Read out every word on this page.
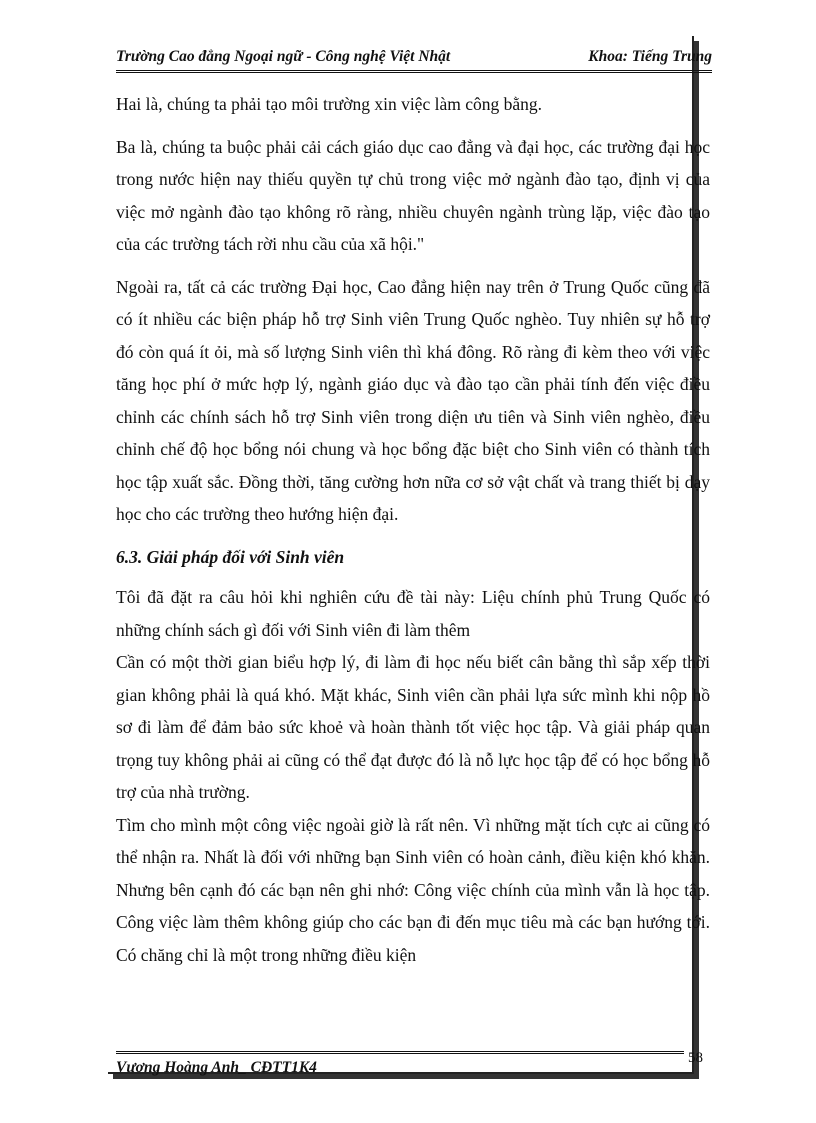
Trường Cao đẳng Ngoại ngữ - Công nghệ Việt Nhật	Khoa: Tiếng Trung

Hai là, chúng ta phải tạo môi trường xin việc làm công bằng.

Ba là, chúng ta buộc phải cải cách giáo dục cao đẳng và đại học, các trường đại học trong nước hiện nay thiếu quyền tự chủ trong việc mở ngành đào tạo, định vị của việc mở ngành đào tạo không rõ ràng, nhiều chuyên ngành trùng lặp, việc đào tạo của các trường tách rời nhu cầu của xã hội."

Ngoài ra, tất cả các trường Đại học, Cao đẳng hiện nay trên ở Trung Quốc cũng đã có ít nhiều các biện pháp hỗ trợ Sinh viên Trung Quốc nghèo. Tuy nhiên sự hỗ trợ đó còn quá ít ỏi, mà số lượng Sinh viên thì khá đông. Rõ ràng đi kèm theo với việc tăng học phí ở mức hợp lý, ngành giáo dục và đào tạo cần phải tính đến việc điều chỉnh các chính sách hỗ trợ Sinh viên trong diện ưu tiên và Sinh viên nghèo, điều chỉnh chế độ học bổng nói chung và học bổng đặc biệt cho Sinh viên có thành tích học tập xuất sắc. Đồng thời, tăng cường hơn nữa cơ sở vật chất và trang thiết bị dạy học cho các trường theo hướng hiện đại.

6.3. Giải pháp đối với Sinh viên

Tôi đã đặt ra câu hỏi khi nghiên cứu đề tài này: Liệu chính phủ Trung Quốc có những chính sách gì đối với Sinh viên đi làm thêm

Cần có một thời gian biểu hợp lý, đi làm đi học nếu biết cân bằng thì sắp xếp thời gian không phải là quá khó. Mặt khác, Sinh viên cần phải lựa sức mình khi nộp hồ sơ đi làm để đảm bảo sức khoẻ và hoàn thành tốt việc học tập. Và giải pháp quan trọng tuy không phải ai cũng có thể đạt được đó là nỗ lực học tập để có học bổng hỗ trợ của nhà trường.

Tìm cho mình một công việc ngoài giờ là rất nên. Vì những mặt tích cực ai cũng có thể nhận ra. Nhất là đối với những bạn Sinh viên có hoàn cảnh, điều kiện khó khăn. Nhưng bên cạnh đó các bạn nên ghi nhớ: Công việc chính của mình vẫn là học tập. Công việc làm thêm không giúp cho các bạn đi đến mục tiêu mà các bạn hướng tới. Có chăng chỉ là một trong những điều kiện

Vương Hoàng Anh_ CĐTT1K4
58
